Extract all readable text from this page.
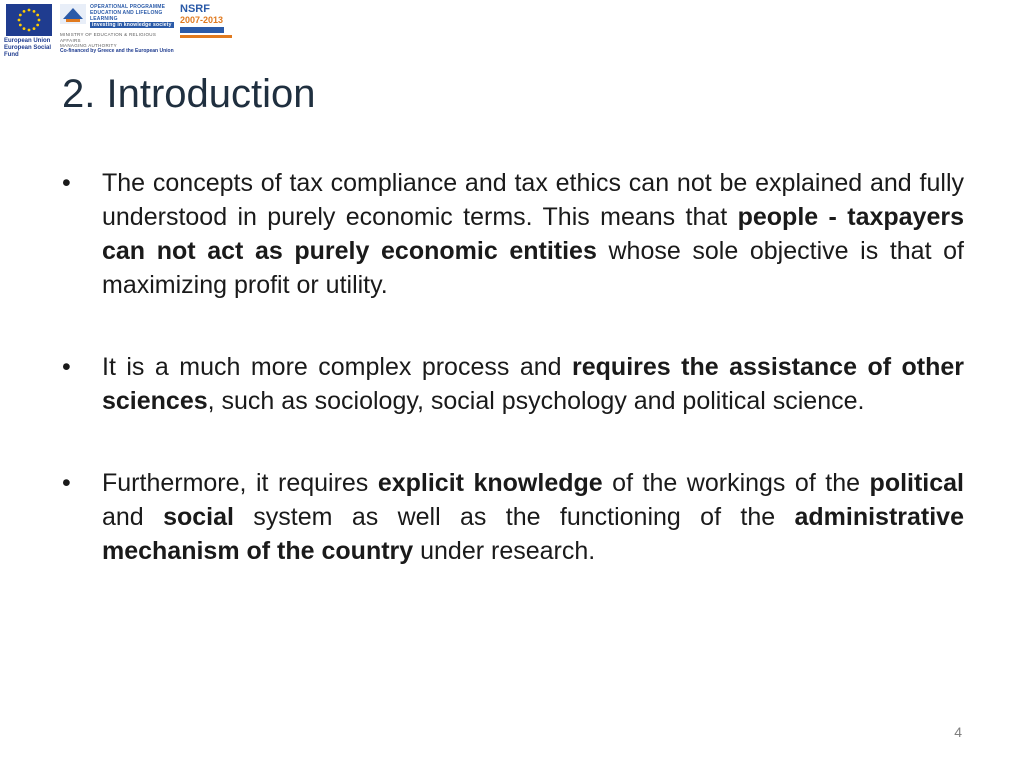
European Union
European Social Fund
OPERATIONAL PROGRAMME
EDUCATION AND LIFELONG LEARNING
investing in knowledge society
MINISTRY OF EDUCATION & RELIGIOUS AFFAIRS
MANAGING AUTHORITY
Co-financed by Greece and the European Union
NSRF
2007-2013
2. Introduction
•	The concepts of tax compliance and tax ethics can not be explained and fully understood in purely economic terms. This means that people - taxpayers can not act as purely economic entities whose sole objective is that of maximizing profit or utility.
•	It is a much more complex process and requires the assistance of other sciences, such as sociology, social psychology and political science.
•	Furthermore, it requires explicit knowledge of the workings of the political and social system as well as the functioning of the administrative mechanism of the country under research.
4
